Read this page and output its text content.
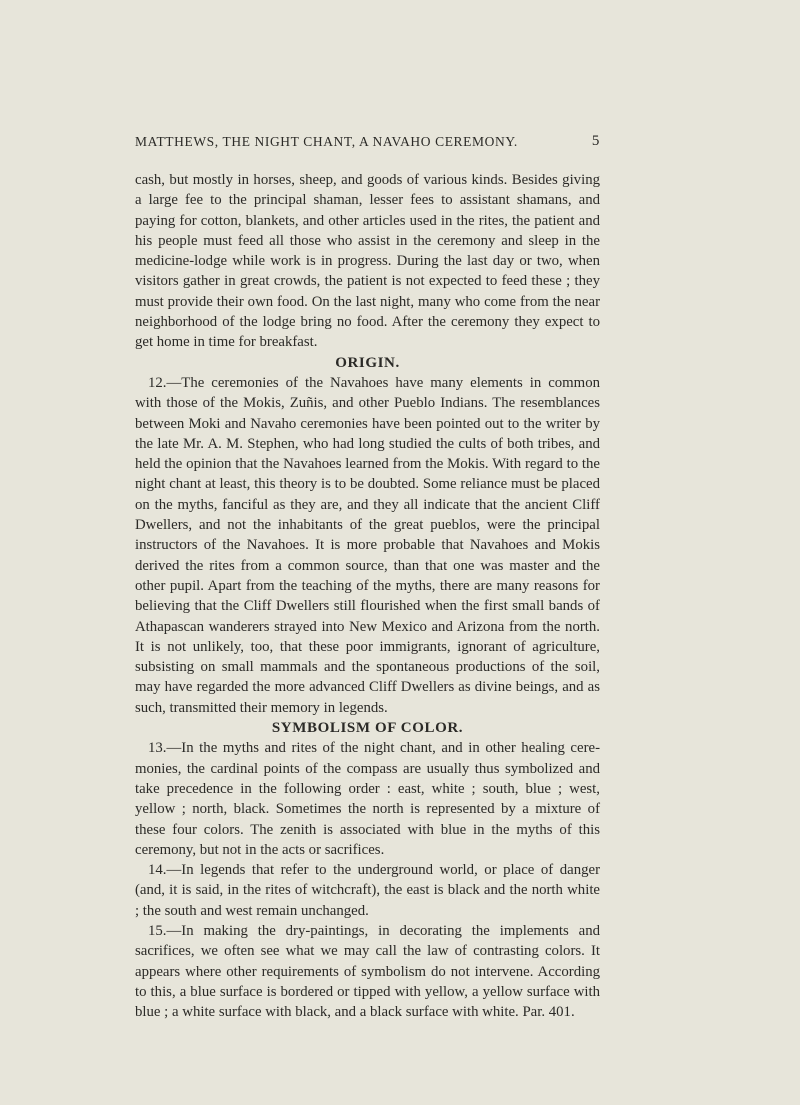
MATTHEWS, THE NIGHT CHANT, A NAVAHO CEREMONY.	5

cash, but mostly in horses, sheep, and goods of various kinds. Besides giving a large fee to the principal shaman, lesser fees to assistant shamans, and paying for cotton, blankets, and other articles used in the rites, the patient and his people must feed all those who assist in the ceremony and sleep in the medicine-lodge while work is in progress. During the last day or two, when visitors gather in great crowds, the patient is not expected to feed these ; they must provide their own food. On the last night, many who come from the near neighborhood of the lodge bring no food. After the ceremony they expect to get home in time for breakfast.

ORIGIN.

12.—The ceremonies of the Navahoes have many elements in common with those of the Mokis, Zuñis, and other Pueblo Indians. The resemblances between Moki and Navaho ceremonies have been pointed out to the writer by the late Mr. A. M. Stephen, who had long studied the cults of both tribes, and held the opinion that the Navahoes learned from the Mokis. With regard to the night chant at least, this theory is to be doubted. Some reliance must be placed on the myths, fanciful as they are, and they all indicate that the ancient Cliff Dwellers, and not the inhabitants of the great pueblos, were the principal instructors of the Navahoes. It is more probable that Navahoes and Mokis derived the rites from a common source, than that one was master and the other pupil. Apart from the teaching of the myths, there are many reasons for believing that the Cliff Dwellers still flourished when the first small bands of Athapascan wanderers strayed into New Mexico and Arizona from the north. It is not unlikely, too, that these poor immigrants, ignorant of agriculture, subsisting on small mammals and the spontaneous productions of the soil, may have regarded the more advanced Cliff Dwellers as divine beings, and as such, transmitted their memory in legends.

SYMBOLISM OF COLOR.

13.—In the myths and rites of the night chant, and in other healing ceremonies, the cardinal points of the compass are usually thus symbolized and take precedence in the following order : east, white ; south, blue ; west, yellow ; north, black. Sometimes the north is represented by a mixture of these four colors. The zenith is associated with blue in the myths of this ceremony, but not in the acts or sacrifices.

14.—In legends that refer to the underground world, or place of danger (and, it is said, in the rites of witchcraft), the east is black and the north white ; the south and west remain unchanged.

15.—In making the dry-paintings, in decorating the implements and sacrifices, we often see what we may call the law of contrasting colors. It appears where other requirements of symbolism do not intervene. According to this, a blue surface is bordered or tipped with yellow, a yellow surface with blue ; a white surface with black, and a black surface with white. Par. 401.
